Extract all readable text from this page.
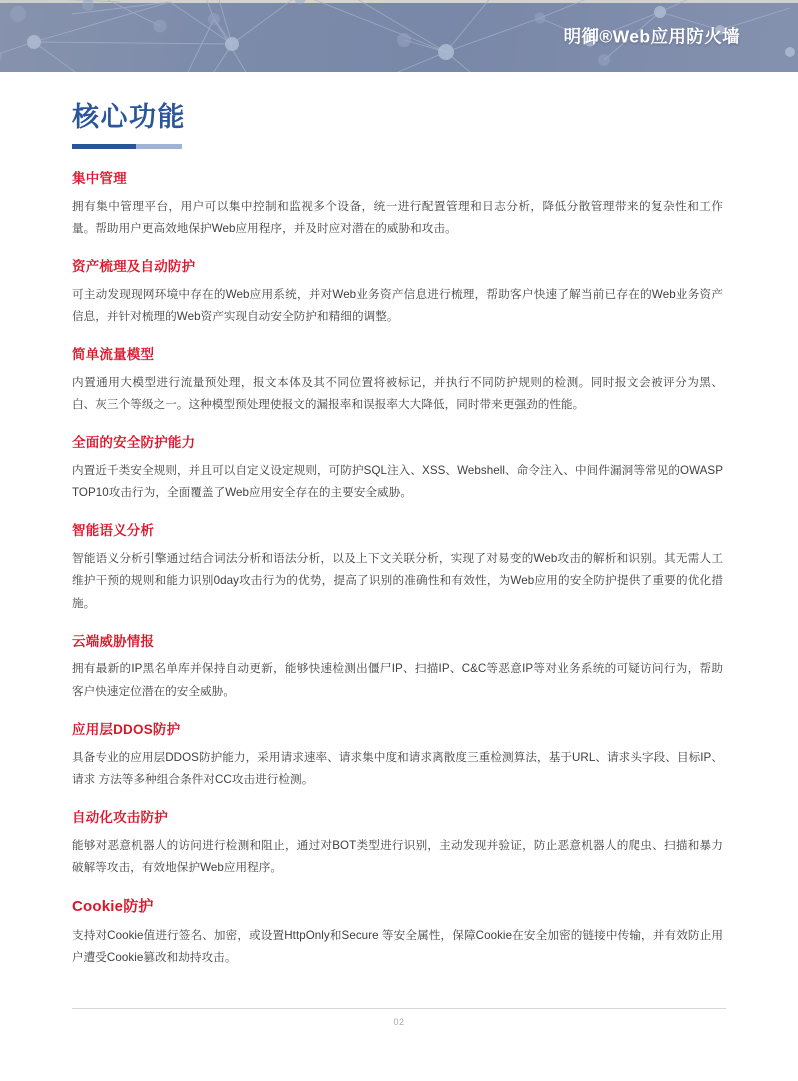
明御®Web应用防火墙
核心功能
集中管理

拥有集中管理平台，用户可以集中控制和监视多个设备，统一进行配置管理和日志分析，降低分散管理带来的复杂性和工作量。帮助用户更高效地保护Web应用程序，并及时应对潜在的威胁和攻击。

资产梳理及自动防护

可主动发现现网环境中存在的Web应用系统，并对Web业务资产信息进行梳理，帮助客户快速了解当前已存在的Web业务资产信息，并针对梳理的Web资产实现自动安全防护和精细的调整。

简单流量模型

内置通用大模型进行流量预处理，报文本体及其不同位置将被标记，并执行不同防护规则的检测。同时报文会被评分为黑、白、灰三个等级之一。这种模型预处理使报文的漏报率和误报率大大降低，同时带来更强劲的性能。

全面的安全防护能力

内置近千类安全规则，并且可以自定义设定规则，可防护SQL注入、XSS、Webshell、命令注入、中间件漏洞等常见的OWASP TOP10攻击行为，全面覆盖了Web应用安全存在的主要安全威胁。

智能语义分析

智能语义分析引擎通过结合词法分析和语法分析，以及上下文关联分析，实现了对易变的Web攻击的解析和识别。其无需人工维护干预的规则和能力识别0day攻击行为的优势，提高了识别的准确性和有效性，为Web应用的安全防护提供了重要的优化措施。

云端威胁情报

拥有最新的IP黑名单库并保持自动更新，能够快速检测出僵尸IP、扫描IP、C&C等恶意IP等对业务系统的可疑访问行为，帮助客户快速定位潜在的安全威胁。

应用层DDOS防护

具备专业的应用层DDOS防护能力，采用请求速率、请求集中度和请求离散度三重检测算法，基于URL、请求头字段、目标IP、请求 方法等多种组合条件对CC攻击进行检测。

自动化攻击防护

能够对恶意机器人的访问进行检测和阻止，通过对BOT类型进行识别，主动发现并验证，防止恶意机器人的爬虫、扫描和暴力破解等攻击，有效地保护Web应用程序。

Cookie防护

支持对Cookie值进行签名、加密，或设置HttpOnly和Secure 等安全属性，保障Cookie在安全加密的链接中传输，并有效防止用户遭受Cookie篡改和劫持攻击。

02
